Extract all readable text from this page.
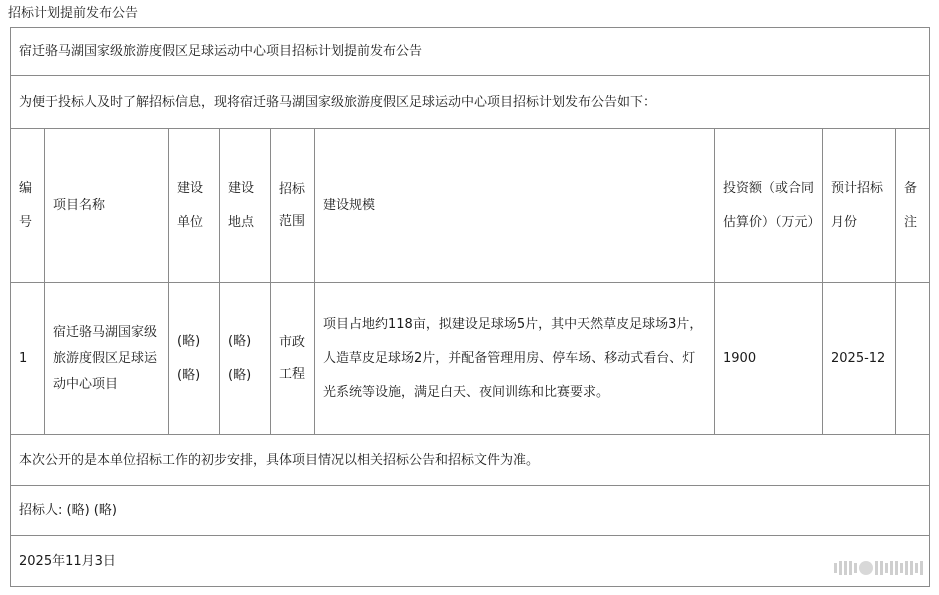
招标计划提前发布公告
宿迁骆马湖国家级旅游度假区足球运动中心项目招标计划提前发布公告								
为便于投标人及时了解招标信息，现将宿迁骆马湖国家级旅游度假区足球运动中心项目招标计划发布公告如下：								
编号	项目名称	建设单位	建设地点	招标范围	建设规模	投资额（或合同估算价）（万元）	预计招标月份	备注
1	宿迁骆马湖国家级旅游度假区足球运动中心项目	(略)(略)	(略)(略)	市政工程	项目占地约118亩，拟建设足球场5片，其中天然草皮足球场3片，人造草皮足球场2片，并配备管理用房、停车场、移动式看台、灯光系统等设施，满足白天、夜间训练和比赛要求。	1900	2025-12	
本次公开的是本单位招标工作的初步安排，具体项目情况以相关招标公告和招标文件为准。								
招标人: (略) (略)								
2025年11月3日								
